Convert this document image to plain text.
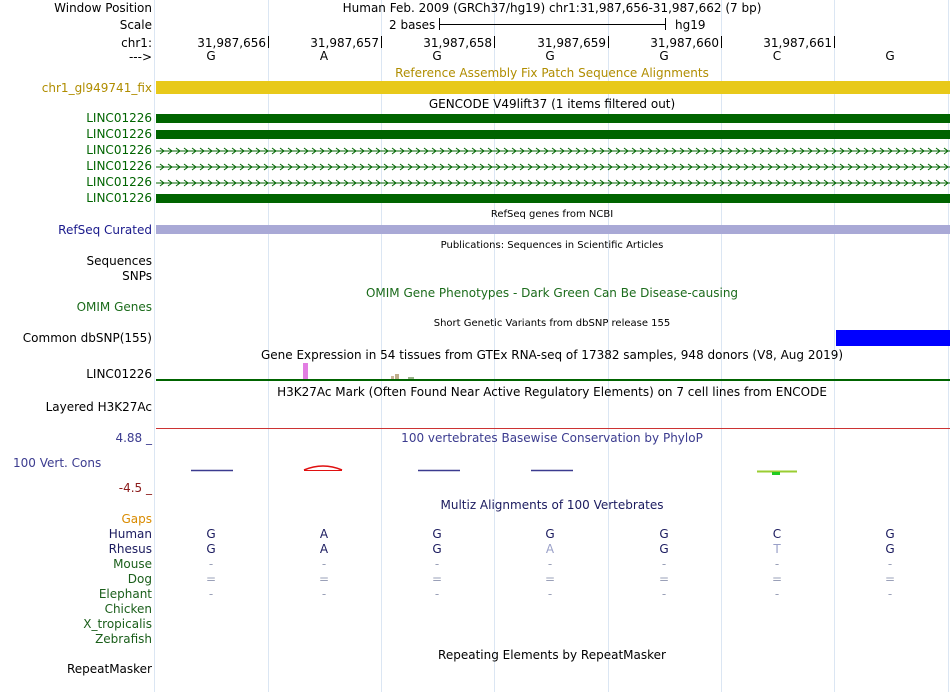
Window Position	Human Feb. 2009 (GRCh37/hg19) chr1:31,987,656-31,987,662 (7 bp)
Scale	2 bases	hg19
chr1:	31,987,656	31,987,657	31,987,658	31,987,659	31,987,660	31,987,661
--->	G	A	G	G	G	C	G
Reference Assembly Fix Patch Sequence Alignments
chr1_gl949741_fix
GENCODE V49lift37 (1 items filtered out)
LINC01226
LINC01226
LINC01226
LINC01226
LINC01226
LINC01226
RefSeq genes from NCBI
RefSeq Curated
Publications: Sequences in Scientific Articles
Sequences
SNPs
OMIM Gene Phenotypes - Dark Green Can Be Disease-causing
OMIM Genes
Short Genetic Variants from dbSNP release 155
Common dbSNP(155)
Gene Expression in 54 tissues from GTEx RNA-seq of 17382 samples, 948 donors (V8, Aug 2019)
LINC01226
H3K27Ac Mark (Often Found Near Active Regulatory Elements) on 7 cell lines from ENCODE
Layered H3K27Ac
4.88 _	100 vertebrates Basewise Conservation by PhyloP
100 Vert. Cons
-4.5 _
Multiz Alignments of 100 Vertebrates
Gaps
Human	G	A	G	G	G	C	G
Rhesus	G	A	G	A	G	T	G
Mouse	-	-	-	-	-	-	-
Dog	=	=	=	=	=	=	=
Elephant	-	-	-	-	-	-	-
Chicken
X_tropicalis
Zebrafish
Repeating Elements by RepeatMasker
RepeatMasker
